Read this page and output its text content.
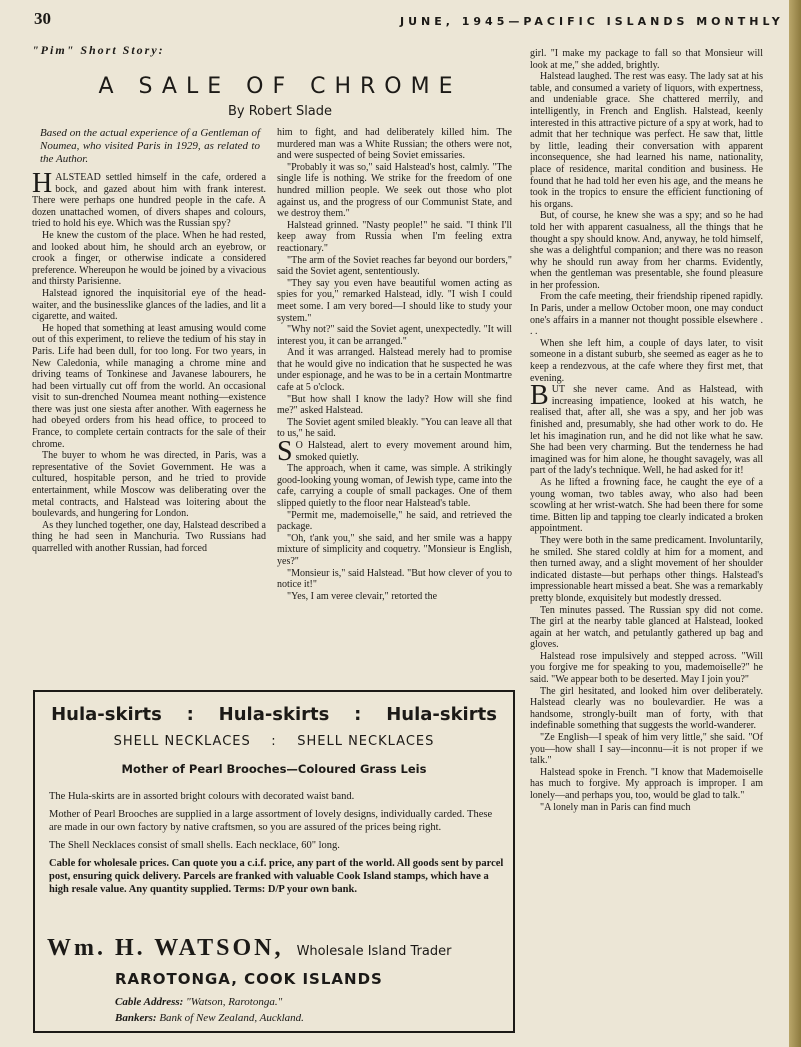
30	JUNE, 1945—PACIFIC ISLANDS MONTHLY
"Pim" Short Story:
A SALE OF CHROME
By Robert Slade

Based on the actual experience of a Gentleman of Noumea, who visited Paris in 1929, as related to the Author.

HALSTEAD settled himself in the cafe, ordered a bock, and gazed about him with frank interest. There were perhaps one hundred people in the cafe. A dozen unattached women, of divers shapes and colours, tried to hold his eye. Which was the Russian spy?

He knew the custom of the place. When he had rested, and looked about him, he should arch an eyebrow, or crook a finger, or otherwise indicate a considered preference. Whereupon he would be joined by a vivacious and thirsty Parisienne.

Halstead ignored the inquisitorial eye of the head-waiter, and the businesslike glances of the ladies, and lit a cigarette, and waited.

He hoped that something at least amusing would come out of this experiment, to relieve the tedium of his stay in Paris. Life had been dull, for too long. For two years, in New Caledonia, while managing a chrome mine and driving teams of Tonkinese and Javanese labourers, he had been virtually cut off from the world. An occasional visit to sun-drenched Noumea meant nothing—existence there was just one siesta after another. With eagerness he had obeyed orders from his head office, to proceed to France, to complete certain contracts for the sale of their chrome.

The buyer to whom he was directed, in Paris, was a representative of the Soviet Government. He was a cultured, hospitable person, and he tried to provide entertainment, while Moscow was deliberating over the metal contracts, and Halstead was loitering about the boulevards, and hungering for London.

As they lunched together, one day, Halstead described a thing he had seen in Manchuria. Two Russians had quarrelled with another Russian, had forced

him to fight, and had deliberately killed him. The murdered man was a White Russian; the others were not, and were suspected of being Soviet emissaries.

"Probably it was so," said Halstead's host, calmly. "The single life is nothing. We strike for the freedom of one hundred million people. We seek out those who plot against us, and the progress of our Communist State, and we destroy them."

Halstead grinned. "Nasty people!" he said. "I think I'll keep away from Russia when I'm feeling extra reactionary."

"The arm of the Soviet reaches far beyond our borders," said the Soviet agent, sententiously.

"They say you even have beautiful women acting as spies for you," remarked Halstead, idly. "I wish I could meet some. I am very bored—I should like to study your system."

"Why not?" said the Soviet agent, unexpectedly. "It will interest you, it can be arranged."

And it was arranged. Halstead merely had to promise that he would give no indication that he suspected he was under espionage, and he was to be in a certain Montmartre cafe at 5 o'clock.

"But how shall I know the lady? How will she find me?" asked Halstead.

The Soviet agent smiled bleakly. "You can leave all that to us," he said.

S O Halstead, alert to every movement around him, smoked quietly.

The approach, when it came, was simple. A strikingly good-looking young woman, of Jewish type, came into the cafe, carrying a couple of small packages. One of them slipped quietly to the floor near Halstead's table.

"Permit me, mademoiselle," he said, and retrieved the package.

"Oh, t'ank you," she said, and her smile was a happy mixture of simplicity and coquetry. "Monsieur is English, yes?"

"Monsieur is," said Halstead. "But how clever of you to notice it!"

"Yes, I am veree clevair," retorted the

girl. "I make my package to fall so that Monsieur will look at me," she added, brightly.

Halstead laughed. The rest was easy. The lady sat at his table, and consumed a variety of liquors, with expertness, and undeniable grace. She chattered merrily, and intelligently, in French and English. Halstead, keenly interested in this attractive picture of a spy at work, had to admit that her technique was perfect. He saw that, little by little, leading their conversation with apparent inconsequence, she had learned his name, nationality, place of residence, marital condition and business. He found that he had told her even his age, and the means he took in the tropics to ensure the efficient functioning of his organs.

But, of course, he knew she was a spy; and so he had told her with apparent casualness, all the things that he thought a spy should know. And, anyway, he told himself, she was a delightful companion; and there was no reason why he should run away from her charms. Evidently, when the gentleman was presentable, she found pleasure in her profession.

From the cafe meeting, their friendship ripened rapidly. In Paris, under a mellow October moon, one may conduct one's affairs in a manner not thought possible elsewhere . . .

When she left him, a couple of days later, to visit someone in a distant suburb, she seemed as eager as he to keep a rendezvous, at the cafe where they first met, that evening.

BUT she never came. And as Halstead, with increasing impatience, looked at his watch, he realised that, after all, she was a spy, and her job was finished and, presumably, she had other work to do. He let his imagination run, and he did not like what he saw. She had been very charming. But the tenderness he had imagined was for him alone, he thought savagely, was all part of the lady's technique. Well, he had asked for it!

As he lifted a frowning face, he caught the eye of a young woman, two tables away, who also had been scowling at her wrist-watch. She had been there for some time. Bitten lip and tapping toe clearly indicated a broken appointment.

They were both in the same predicament. Involuntarily, he smiled. She stared coldly at him for a moment, and then turned away, and a slight movement of her shoulder indicated distaste—but perhaps other things. Halstead's impressionable heart missed a beat. She was a remarkably pretty blonde, exquisitely but modestly dressed.

Ten minutes passed. The Russian spy did not come. The girl at the nearby table glanced at Halstead, looked again at her watch, and petulantly gathered up bag and gloves.

Halstead rose impulsively and stepped across. "Will you forgive me for speaking to you, mademoiselle?" he said. "We appear both to be deserted. May I join you?"

The girl hesitated, and looked him over deliberately. Halstead clearly was no boulevardier. He was a handsome, strongly-built man of forty, with that indefinable something that suggests the world-wanderer.

"Ze English—I speak of him very little," she said. "Of you—how shall I say—inconnu—it is not proper if we talk."

Halstead spoke in French. "I know that Mademoiselle has much to forgive. My approach is improper. I am lonely—and perhaps you, too, would be glad to talk."

"A lonely man in Paris can find much

Hula-skirts : Hula-skirts : Hula-skirts
SHELL NECKLACES : SHELL NECKLACES
Mother of Pearl Brooches—Coloured Grass Leis

The Hula-skirts are in assorted bright colours with decorated waist band.

Mother of Pearl Brooches are supplied in a large assortment of lovely designs, individually carded. These are made in our own factory by native craftsmen, so you are assured of the prices being right.

The Shell Necklaces consist of small shells. Each necklace, 60" long.

Cable for wholesale prices. Can quote you a c.i.f. price, any part of the world. All goods sent by parcel post, ensuring quick delivery. Parcels are franked with valuable Cook Island stamps, which have a high resale value. Any quantity supplied. Terms: D/P your own bank.

Wm. H. WATSON, Wholesale Island Trader
RAROTONGA, COOK ISLANDS
Cable Address: "Watson, Rarotonga."
Bankers: Bank of New Zealand, Auckland.
